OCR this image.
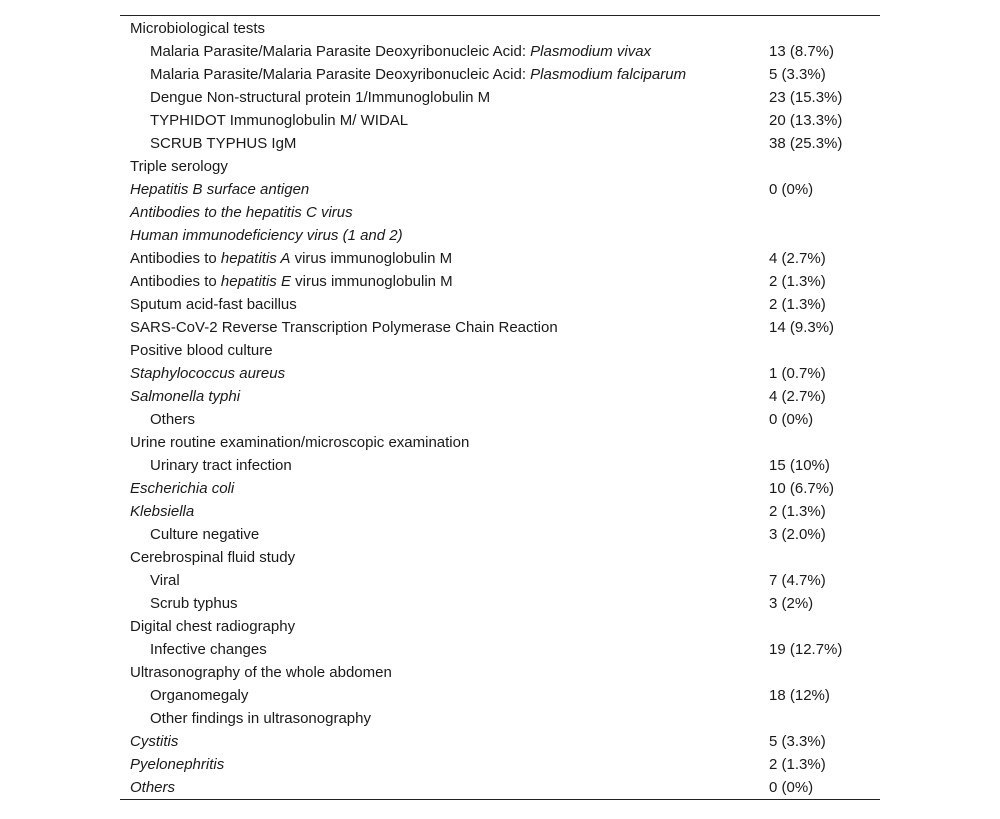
Microbiological tests
Malaria Parasite/Malaria Parasite Deoxyribonucleic Acid: Plasmodium vivax	13 (8.7%)
Malaria Parasite/Malaria Parasite Deoxyribonucleic Acid: Plasmodium falciparum	5 (3.3%)
Dengue Non-structural protein 1/Immunoglobulin M	23 (15.3%)
TYPHIDOT Immunoglobulin M/ WIDAL	20 (13.3%)
SCRUB TYPHUS IgM	38 (25.3%)
Triple serology
Hepatitis B surface antigen	0 (0%)
Antibodies to the hepatitis C virus
Human immunodeficiency virus (1 and 2)
Antibodies to hepatitis A virus immunoglobulin M	4 (2.7%)
Antibodies to hepatitis E virus immunoglobulin M	2 (1.3%)
Sputum acid-fast bacillus	2 (1.3%)
SARS-CoV-2 Reverse Transcription Polymerase Chain Reaction	14 (9.3%)
Positive blood culture
Staphylococcus aureus	1 (0.7%)
Salmonella typhi	4 (2.7%)
Others	0 (0%)
Urine routine examination/microscopic examination
Urinary tract infection	15 (10%)
Escherichia coli	10 (6.7%)
Klebsiella	2 (1.3%)
Culture negative	3 (2.0%)
Cerebrospinal fluid study
Viral	7 (4.7%)
Scrub typhus	3 (2%)
Digital chest radiography
Infective changes	19 (12.7%)
Ultrasonography of the whole abdomen
Organomegaly	18 (12%)
Other findings in ultrasonography
Cystitis	5 (3.3%)
Pyelonephritis	2 (1.3%)
Others	0 (0%)
